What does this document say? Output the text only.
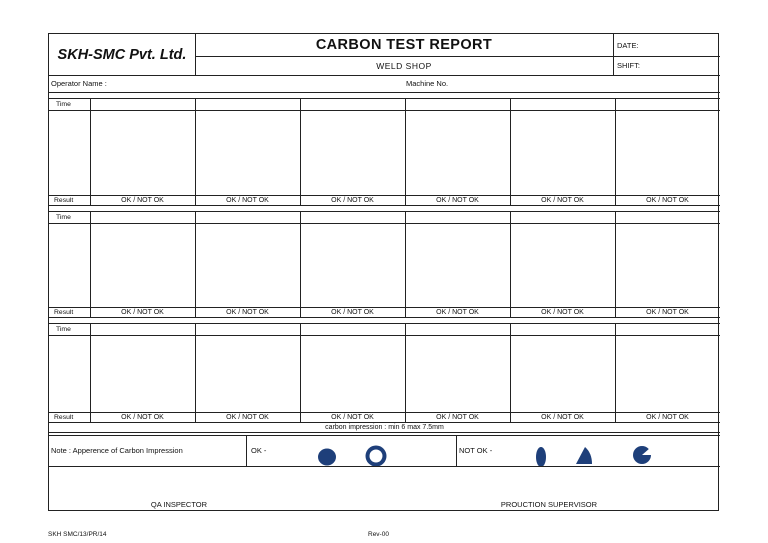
SKH-SMC Pvt. Ltd.
CARBON TEST REPORT
WELD SHOP
DATE:
SHIFT:
Operator Name :	Machine No.
Time
Result	OK / NOT OK	OK / NOT OK	OK / NOT OK	OK / NOT OK	OK / NOT OK	OK / NOT OK
Time
Result	OK / NOT OK	OK / NOT OK	OK / NOT OK	OK / NOT OK	OK / NOT OK	OK / NOT OK
Time
Result	OK / NOT OK	OK / NOT OK	OK / NOT OK	OK / NOT OK	OK / NOT OK	OK / NOT OK
carbon impression : min 6 max 7.5mm
Note : Apperence of Carbon Impression	OK -	NOT OK -
QA INSPECTOR	PROUCTION SUPERVISOR
SKH SMC/13/PR/14	Rev-00
